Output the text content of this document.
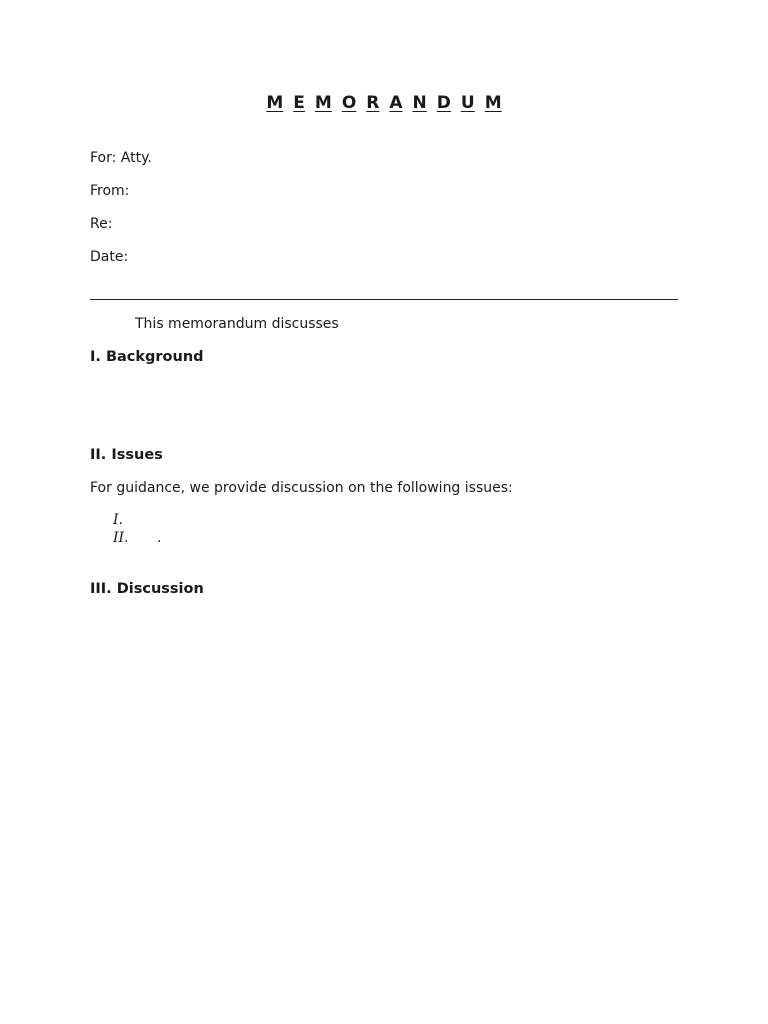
M E M O R A N D U M
For: Atty.
From:
Re:
Date:
This memorandum discusses
I. Background
II. Issues
For guidance, we provide discussion on the following issues:
I.
II. .
III. Discussion
